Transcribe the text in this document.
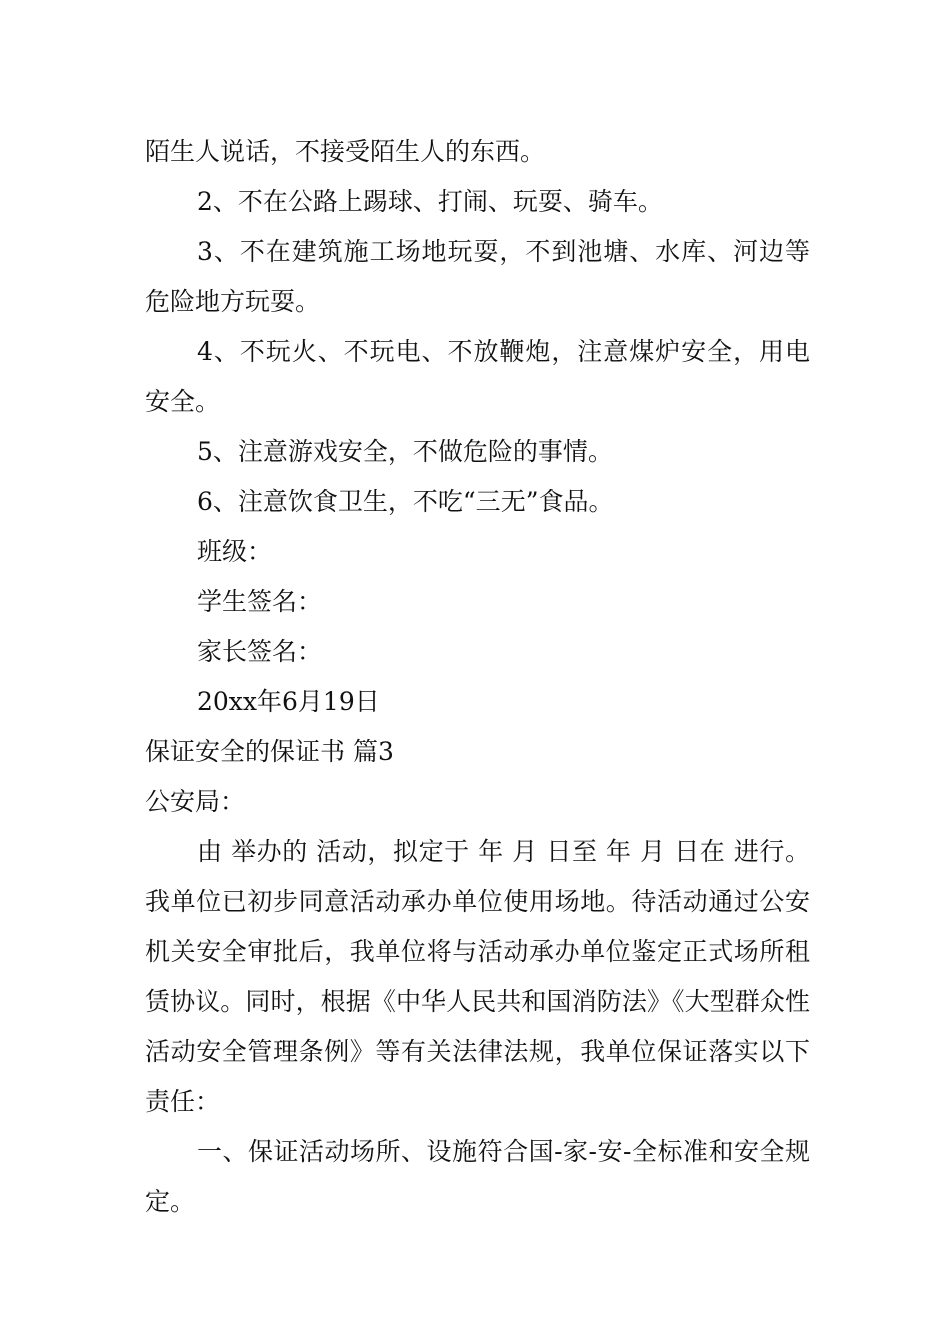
陌生人说话，不接受陌生人的东西。

2、不在公路上踢球、打闹、玩耍、骑车。

3、不在建筑施工场地玩耍，不到池塘、水库、河边等危险地方玩耍。

4、不玩火、不玩电、不放鞭炮，注意煤炉安全，用电安全。

5、注意游戏安全，不做危险的事情。

6、注意饮食卫生，不吃“三无”食品。

班级：

学生签名：

家长签名：

20xx年6月19日

保证安全的保证书 篇3

公安局：

由 举办的 活动，拟定于 年 月 日至 年 月 日在 进行。我单位已初步同意活动承办单位使用场地。待活动通过公安机关安全审批后，我单位将与活动承办单位鉴定正式场所租赁协议。同时，根据《中华人民共和国消防法》《大型群众性活动安全管理条例》等有关法律法规，我单位保证落实以下责任：

一、保证活动场所、设施符合国-家-安-全标准和安全规定。
